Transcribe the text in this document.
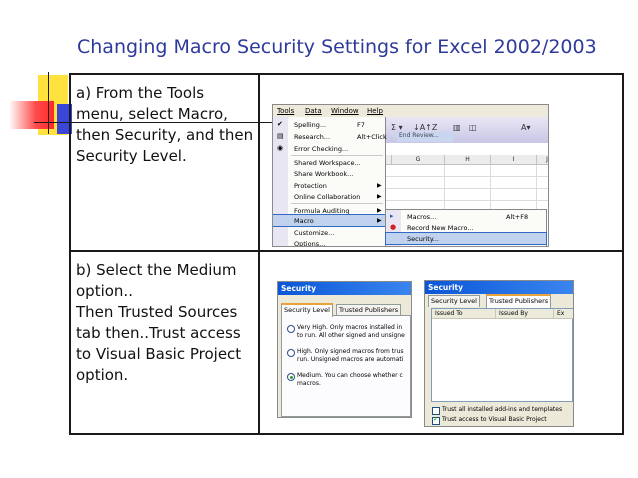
Changing Macro Security Settings for Excel 2002/2003

a) From the Tools menu, select Macro, then Security, and then Security Level.	

b) Select the Medium option..

Then Trusted Sources tab then..Trust access to Visual Basic Project option.	

Tools Data Window Help
Σ ▾ ↓A↑Z ▥ ◫	A▾
End Review...
G	H	I	J
✔ Spelling...	F7
▤ Research...	Alt+Click
◉ Error Checking...
Shared Workspace...
Share Workbook...
Protection	▶
Online Collaboration	▶
Formula Auditing	▶
Macro	▶
Customize...
Options...
▸ Macros...	Alt+F8
● Record New Macro...
Security...
Security
Security Level	Trusted Publishers
Very High. Only macros installed in
to run. All other signed and unsigne
High. Only signed macros from trus
run. Unsigned macros are automati
Medium. You can choose whether c
macros.
Security
Security Level	Trusted Publishers
Issued To	Issued By	Ex
Trust all installed add-ins and templates
✓
Trust access to Visual Basic Project
